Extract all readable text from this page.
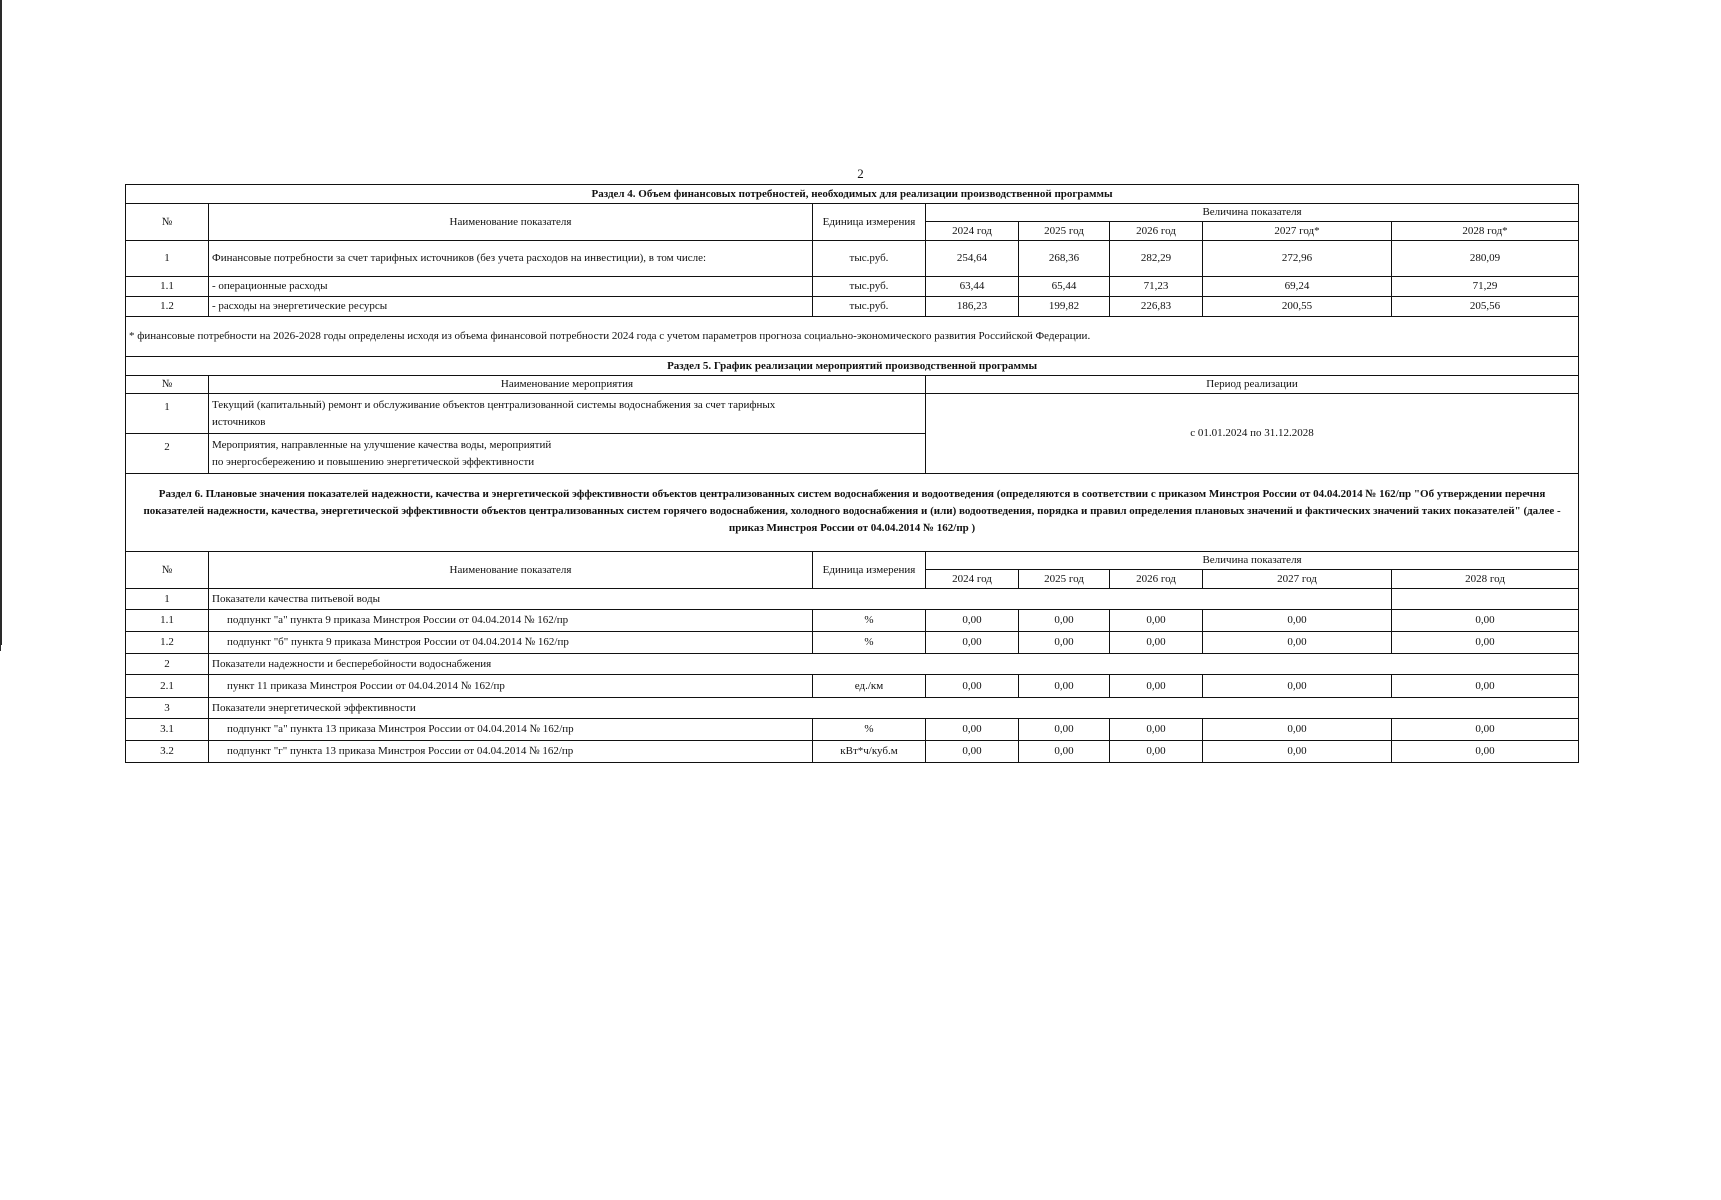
2
Раздел 4. Объем финансовых потребностей, необходимых для реализации производственной программы							
№	Наименование показателя	Единица измерения	Величина показателя				
			2024 год	2025 год	2026 год	2027 год*	2028 год*
1	Финансовые потребности за счет тарифных источников (без учета расходов на инвестиции), в том числе:	тыс.руб.	254,64	268,36	282,29	272,96	280,09
1.1	- операционные расходы	тыс.руб.	63,44	65,44	71,23	69,24	71,29
1.2	- расходы на энергетические ресурсы	тыс.руб.	186,23	199,82	226,83	200,55	205,56
* финансовые потребности на 2026-2028 годы определены исходя из объема финансовой потребности 2024 года с учетом параметров прогноза социально-экономического развития Российской Федерации.							
Раздел 5. График реализации мероприятий производственной программы							
№	Наименование мероприятия		Период реализации				
1	Текущий (капитальный) ремонт и обслуживание объектов централизованной системы водоснабжения за счет тарифных
источников		с 01.01.2024 по 31.12.2028				
2	Мероприятия, направленные на улучшение качества воды, мероприятий
по энергосбережению и повышению энергетической эффективности						
Раздел 6. Плановые значения показателей надежности, качества и энергетической эффективности объектов централизованных систем водоснабжения и водоотведения (определяются в соответствии с приказом Минстроя России от 04.04.2014 № 162/пр "Об утверждении перечня показателей надежности, качества, энергетической эффективности объектов централизованных систем горячего водоснабжения, холодного водоснабжения и (или) водоотведения, порядка и правил определения плановых значений и фактических значений таких показателей" (далее - приказ Минстроя России от 04.04.2014 № 162/пр )							
№	Наименование показателя	Единица измерения	Величина показателя				
			2024 год	2025 год	2026 год	2027 год	2028 год
1	Показатели качества питьевой воды						
1.1	подпункт "а" пункта 9 приказа Минстроя России от 04.04.2014 № 162/пр	%	0,00	0,00	0,00	0,00	0,00
1.2	подпункт "б" пункта 9 приказа Минстроя России от 04.04.2014 № 162/пр	%	0,00	0,00	0,00	0,00	0,00
2	Показатели надежности и бесперебойности водоснабжения						
2.1	пункт 11 приказа Минстроя России от 04.04.2014 № 162/пр	ед./км	0,00	0,00	0,00	0,00	0,00
3	Показатели энергетической эффективности						
3.1	подпункт "а" пункта 13 приказа Минстроя России от 04.04.2014 № 162/пр	%	0,00	0,00	0,00	0,00	0,00
3.2	подпункт "г" пункта 13 приказа Минстроя России от 04.04.2014 № 162/пр	кВт*ч/куб.м	0,00	0,00	0,00	0,00	0,00
